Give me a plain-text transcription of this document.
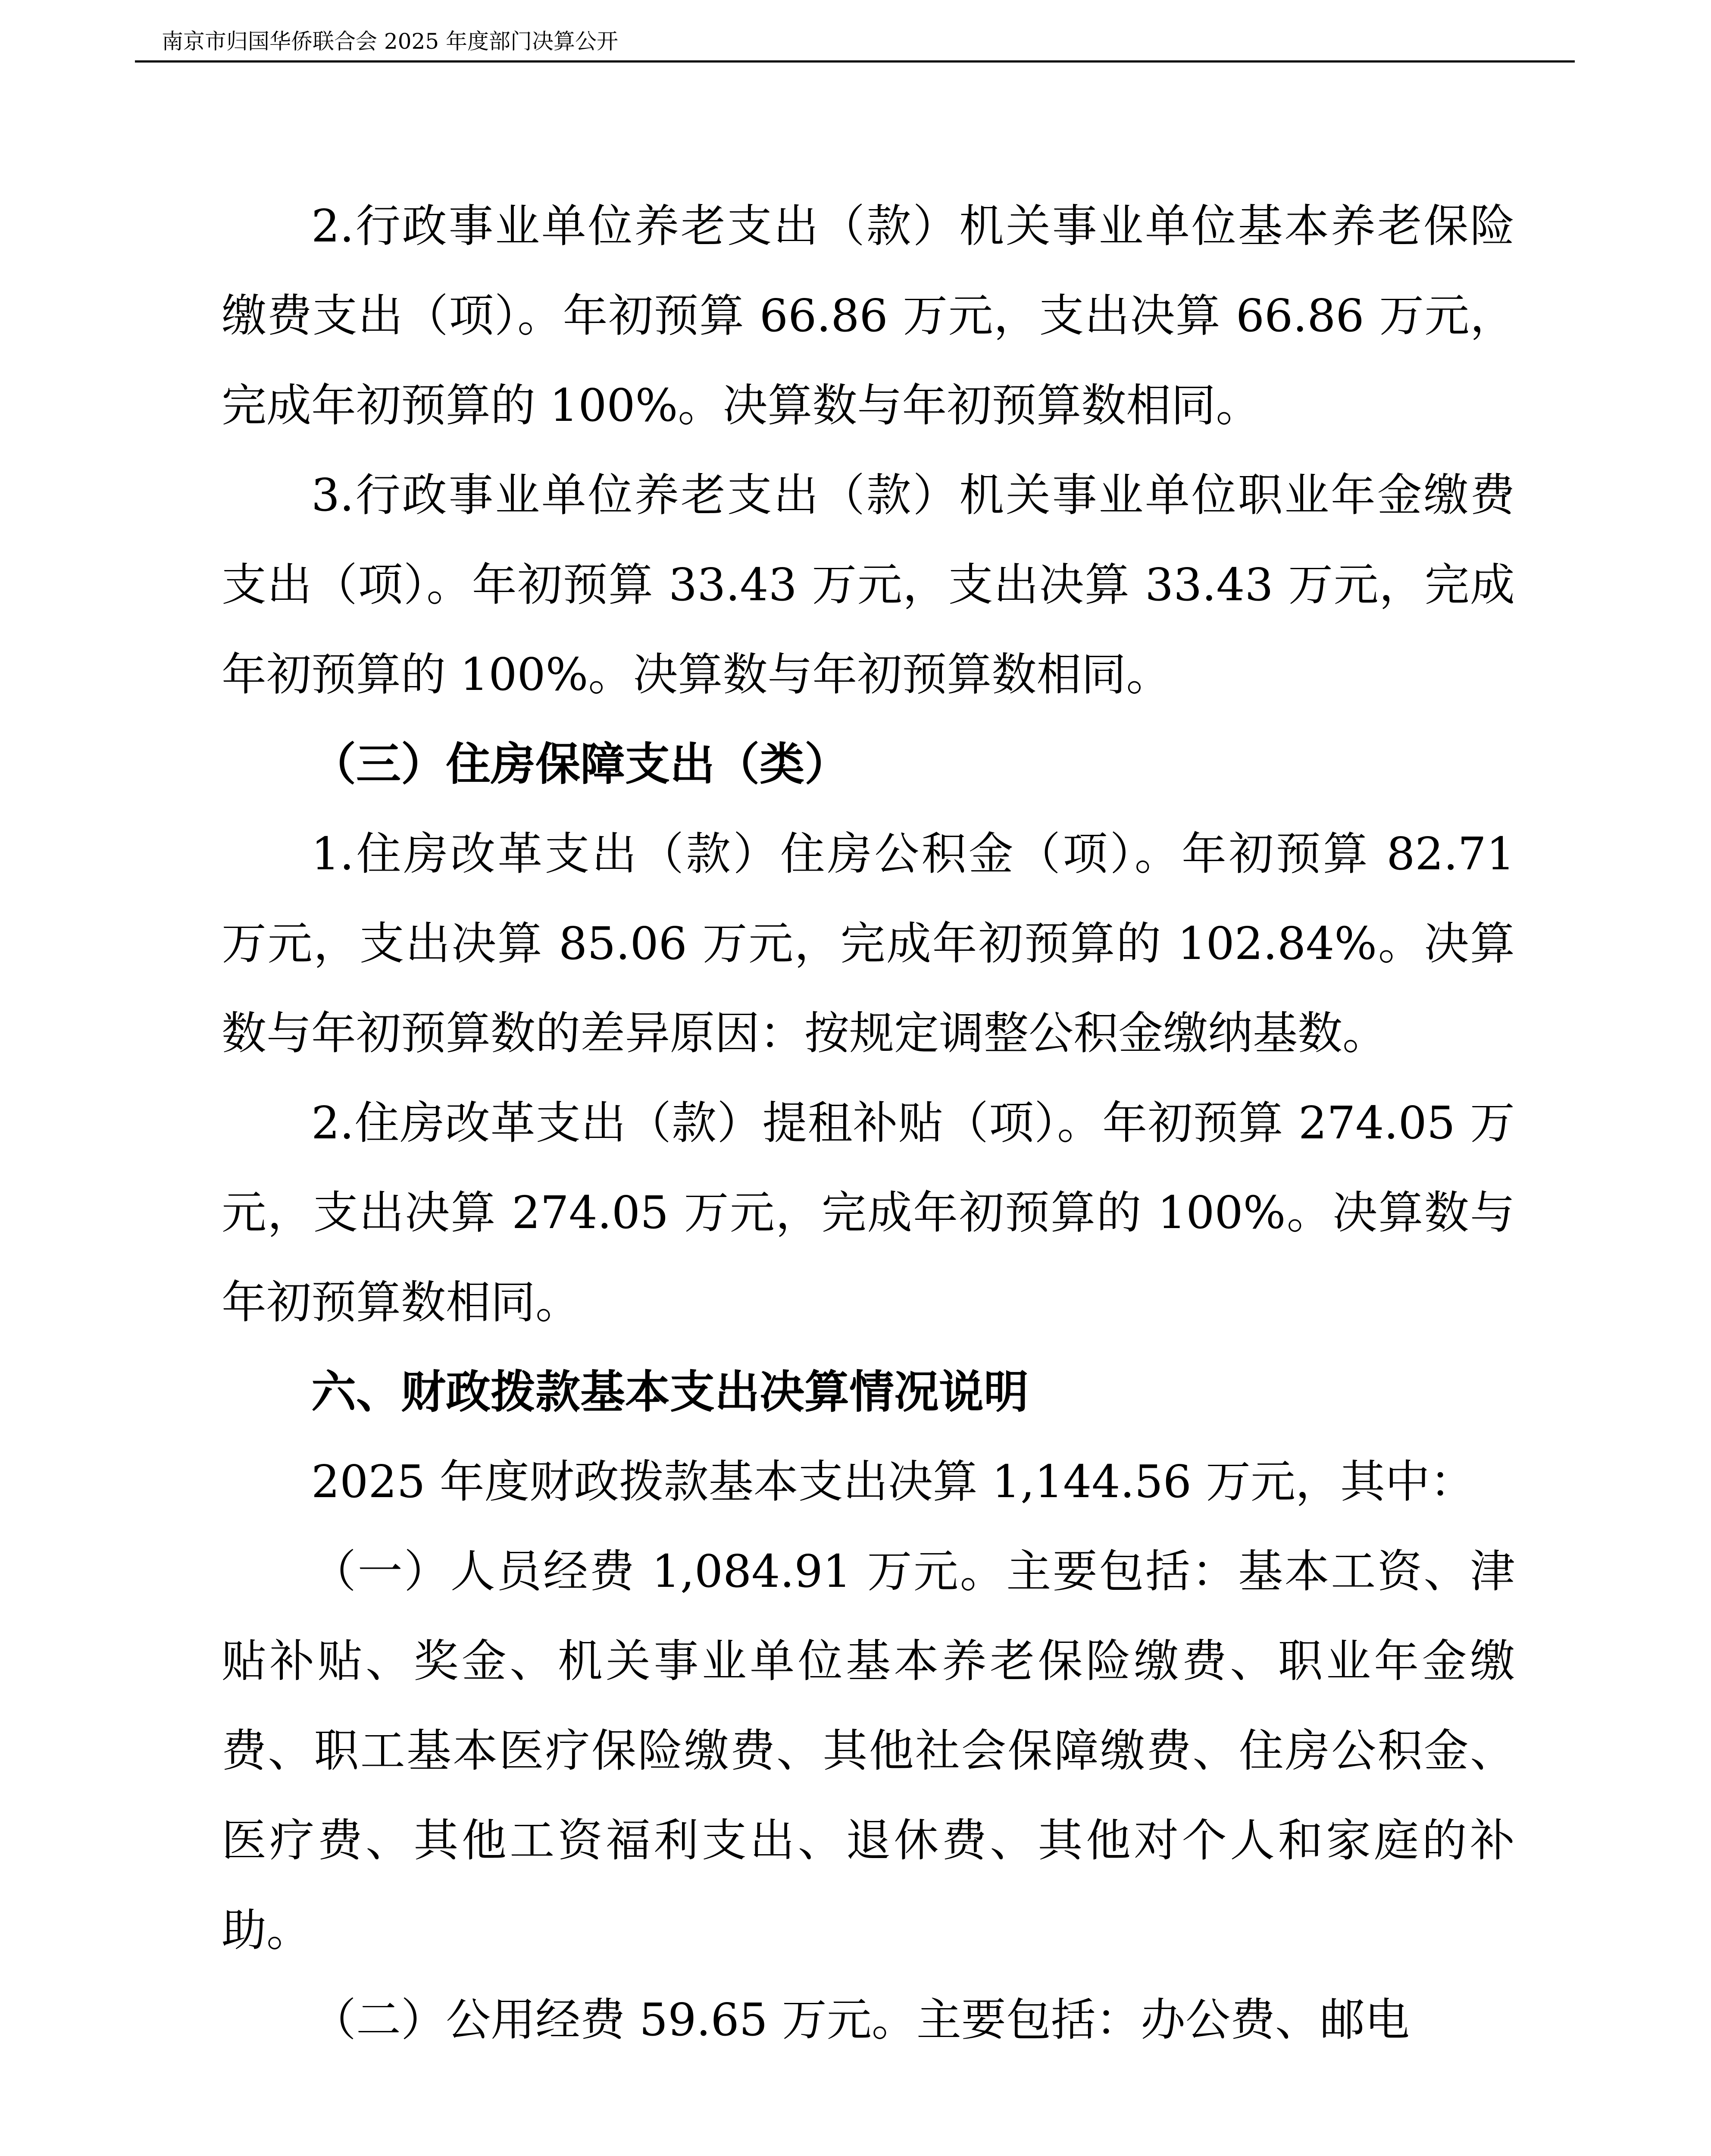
南京市归国华侨联合会 2025 年度部门决算公开

2.行政事业单位养老支出（款）机关事业单位基本养老保险缴费支出（项）。年初预算 66.86 万元，支出决算 66.86 万元，完成年初预算的 100%。决算数与年初预算数相同。

3.行政事业单位养老支出（款）机关事业单位职业年金缴费支出（项）。年初预算 33.43 万元，支出决算 33.43 万元，完成年初预算的 100%。决算数与年初预算数相同。

（三）住房保障支出（类）

1.住房改革支出（款）住房公积金（项）。年初预算 82.71 万元，支出决算 85.06 万元，完成年初预算的 102.84%。决算数与年初预算数的差异原因：按规定调整公积金缴纳基数。

2.住房改革支出（款）提租补贴（项）。年初预算 274.05 万元，支出决算 274.05 万元，完成年初预算的 100%。决算数与年初预算数相同。

六、财政拨款基本支出决算情况说明

2025 年度财政拨款基本支出决算 1,144.56 万元，其中：

（一）人员经费 1,084.91 万元。主要包括：基本工资、津贴补贴、奖金、机关事业单位基本养老保险缴费、职业年金缴费、职工基本医疗保险缴费、其他社会保障缴费、住房公积金、医疗费、其他工资福利支出、退休费、其他对个人和家庭的补助。

（二）公用经费 59.65 万元。主要包括：办公费、邮电
